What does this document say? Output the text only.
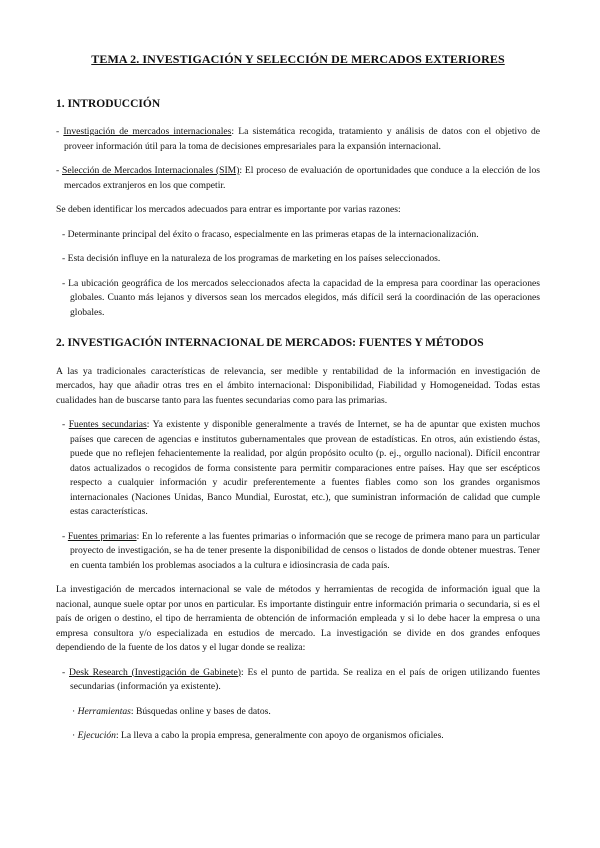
TEMA 2. INVESTIGACIÓN Y SELECCIÓN DE MERCADOS EXTERIORES
1. INTRODUCCIÓN
- Investigación de mercados internacionales: La sistemática recogida, tratamiento y análisis de datos con el objetivo de proveer información útil para la toma de decisiones empresariales para la expansión internacional.
- Selección de Mercados Internacionales (SIM): El proceso de evaluación de oportunidades que conduce a la elección de los mercados extranjeros en los que competir.

Se deben identificar los mercados adecuados para entrar es importante por varias razones:

- Determinante principal del éxito o fracaso, especialmente en las primeras etapas de la internacionalización.
- Esta decisión influye en la naturaleza de los programas de marketing en los países seleccionados.
- La ubicación geográfica de los mercados seleccionados afecta la capacidad de la empresa para coordinar las operaciones globales. Cuanto más lejanos y diversos sean los mercados elegidos, más difícil será la coordinación de las operaciones globales.
2. INVESTIGACIÓN INTERNACIONAL DE MERCADOS: FUENTES Y MÉTODOS

A las ya tradicionales características de relevancia, ser medible y rentabilidad de la información en investigación de mercados, hay que añadir otras tres en el ámbito internacional: Disponibilidad, Fiabilidad y Homogeneidad. Todas estas cualidades han de buscarse tanto para las fuentes secundarias como para las primarias.

- Fuentes secundarias: Ya existente y disponible generalmente a través de Internet, se ha de apuntar que existen muchos países que carecen de agencias e institutos gubernamentales que provean de estadísticas. En otros, aún existiendo éstas, puede que no reflejen fehacientemente la realidad, por algún propósito oculto (p. ej., orgullo nacional). Difícil encontrar datos actualizados o recogidos de forma consistente para permitir comparaciones entre países. Hay que ser escépticos respecto a cualquier información y acudir preferentemente a fuentes fiables como son los grandes organismos internacionales (Naciones Unidas, Banco Mundial, Eurostat, etc.), que suministran información de calidad que cumple estas características.
- Fuentes primarias: En lo referente a las fuentes primarias o información que se recoge de primera mano para un particular proyecto de investigación, se ha de tener presente la disponibilidad de censos o listados de donde obtener muestras. Tener en cuenta también los problemas asociados a la cultura e idiosincrasia de cada país.

La investigación de mercados internacional se vale de métodos y herramientas de recogida de información igual que la nacional, aunque suele optar por unos en particular. Es importante distinguir entre información primaria o secundaria, si es el país de origen o destino, el tipo de herramienta de obtención de información empleada y si lo debe hacer la empresa o una empresa consultora y/o especializada en estudios de mercado. La investigación se divide en dos grandes enfoques dependiendo de la fuente de los datos y el lugar donde se realiza:

- Desk Research (Investigación de Gabinete): Es el punto de partida. Se realiza en el país de origen utilizando fuentes secundarias (información ya existente).
· Herramientas: Búsquedas online y bases de datos.
· Ejecución: La lleva a cabo la propia empresa, generalmente con apoyo de organismos oficiales.
